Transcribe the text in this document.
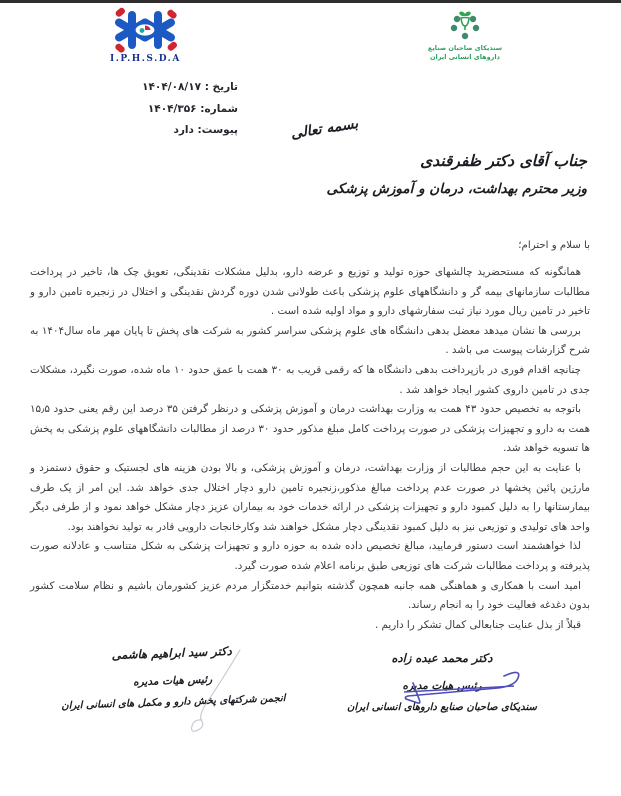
I.P.H.S.D.A
سندیکای صاحبان صنایع
داروهای انسانی ایران
تاریخ : ۱۴۰۴/۰۸/۱۷
شماره: ۱۴۰۴/۳۵۶
پیوست: دارد	بسمه تعالی
جناب آقای دکتر ظفرقندی
وزیر محترم بهداشت، درمان و آموزش پزشکی
با سلام و احترام؛

همانگونه که مستحضرید چالشهای حوزه تولید و توزیع و عرضه دارو، بدلیل مشکلات نقدینگی، تعویق چک ها، تاخیر در پرداخت مطالبات سازمانهای بیمه گر و دانشگاههای علوم پزشکی باعث طولانی شدن دوره گردش نقدینگی و اختلال در زنجیره تامین دارو و تاخیر در تامین ریال مورد نیاز ثبت سفارشهای دارو و مواد اولیه شده است .

بررسی ها نشان میدهد معضل بدهی دانشگاه های علوم پزشکی سراسر کشور به شرکت های پخش تا پایان مهر ماه سال۱۴۰۴ به شرح گزارشات پیوست می باشد .

چنانچه اقدام فوری در بازپرداخت بدهی دانشگاه ها که رقمی قریب به ۳۰ همت با عمق حدود ۱۰ ماه شده، صورت نگیرد، مشکلات جدی در تامین داروی کشور ایجاد خواهد شد .

باتوجه به تخصیص حدود ۴۳ همت به وزارت بهداشت درمان و آموزش پزشکی و درنظر گرفتن ۳۵ درصد این رقم یعنی حدود ۱۵٫۵ همت به دارو و تجهیزات پزشکی در صورت پرداخت کامل مبلغ مذکور حدود ۳۰ درصد از مطالبات دانشگاههای علوم پزشکی به پخش ها تسویه خواهد شد.

با عنایت به این حجم مطالبات از وزارت بهداشت، درمان و آموزش پزشکی، و بالا بودن هزینه های لجستیک و حقوق دستمزد و مارژین پائین پخشها در صورت عدم پرداخت مبالغ مذکور،زنجیره تامین دارو دچار اختلال جدی خواهد شد. این امر از یک طرف بیمارستانها را به دلیل کمبود دارو و تجهیزات پزشکی در ارائه خدمات خود به بیماران عزیز دچار مشکل خواهد نمود و از طرفی دیگر واحد های تولیدی و توزیعی نیز به دلیل کمبود نقدینگی دچار مشکل خواهند شد وکارخانجات دارویی قادر به تولید نخواهند بود.

لذا خواهشمند است دستور فرمایید، مبالغ تخصیص داده شده به حوزه دارو و تجهیزات پزشکی به شکل متناسب و عادلانه صورت پذیرفته و پرداخت مطالبات شرکت های توزیعی طبق برنامه اعلام شده صورت گیرد.

امید است با همکاری و هماهنگی همه جانبه همچون گذشته بتوانیم خدمتگزار مردم عزیز کشورمان باشیم و نظام سلامت کشور بدون دغدغه فعالیت خود را به انجام رساند.

قبلاً از بذل عنایت جنابعالی کمال تشکر را داریم .

دکتر محمد عبده زاده
رئیس هیات مدیره
سندیکای صاحبان صنایع داروهای انسانی ایران
دکتر سید ابراهیم هاشمی
رئیس هیات مدیره
انجمن شرکتهای پخش دارو و مکمل های انسانی ایران
